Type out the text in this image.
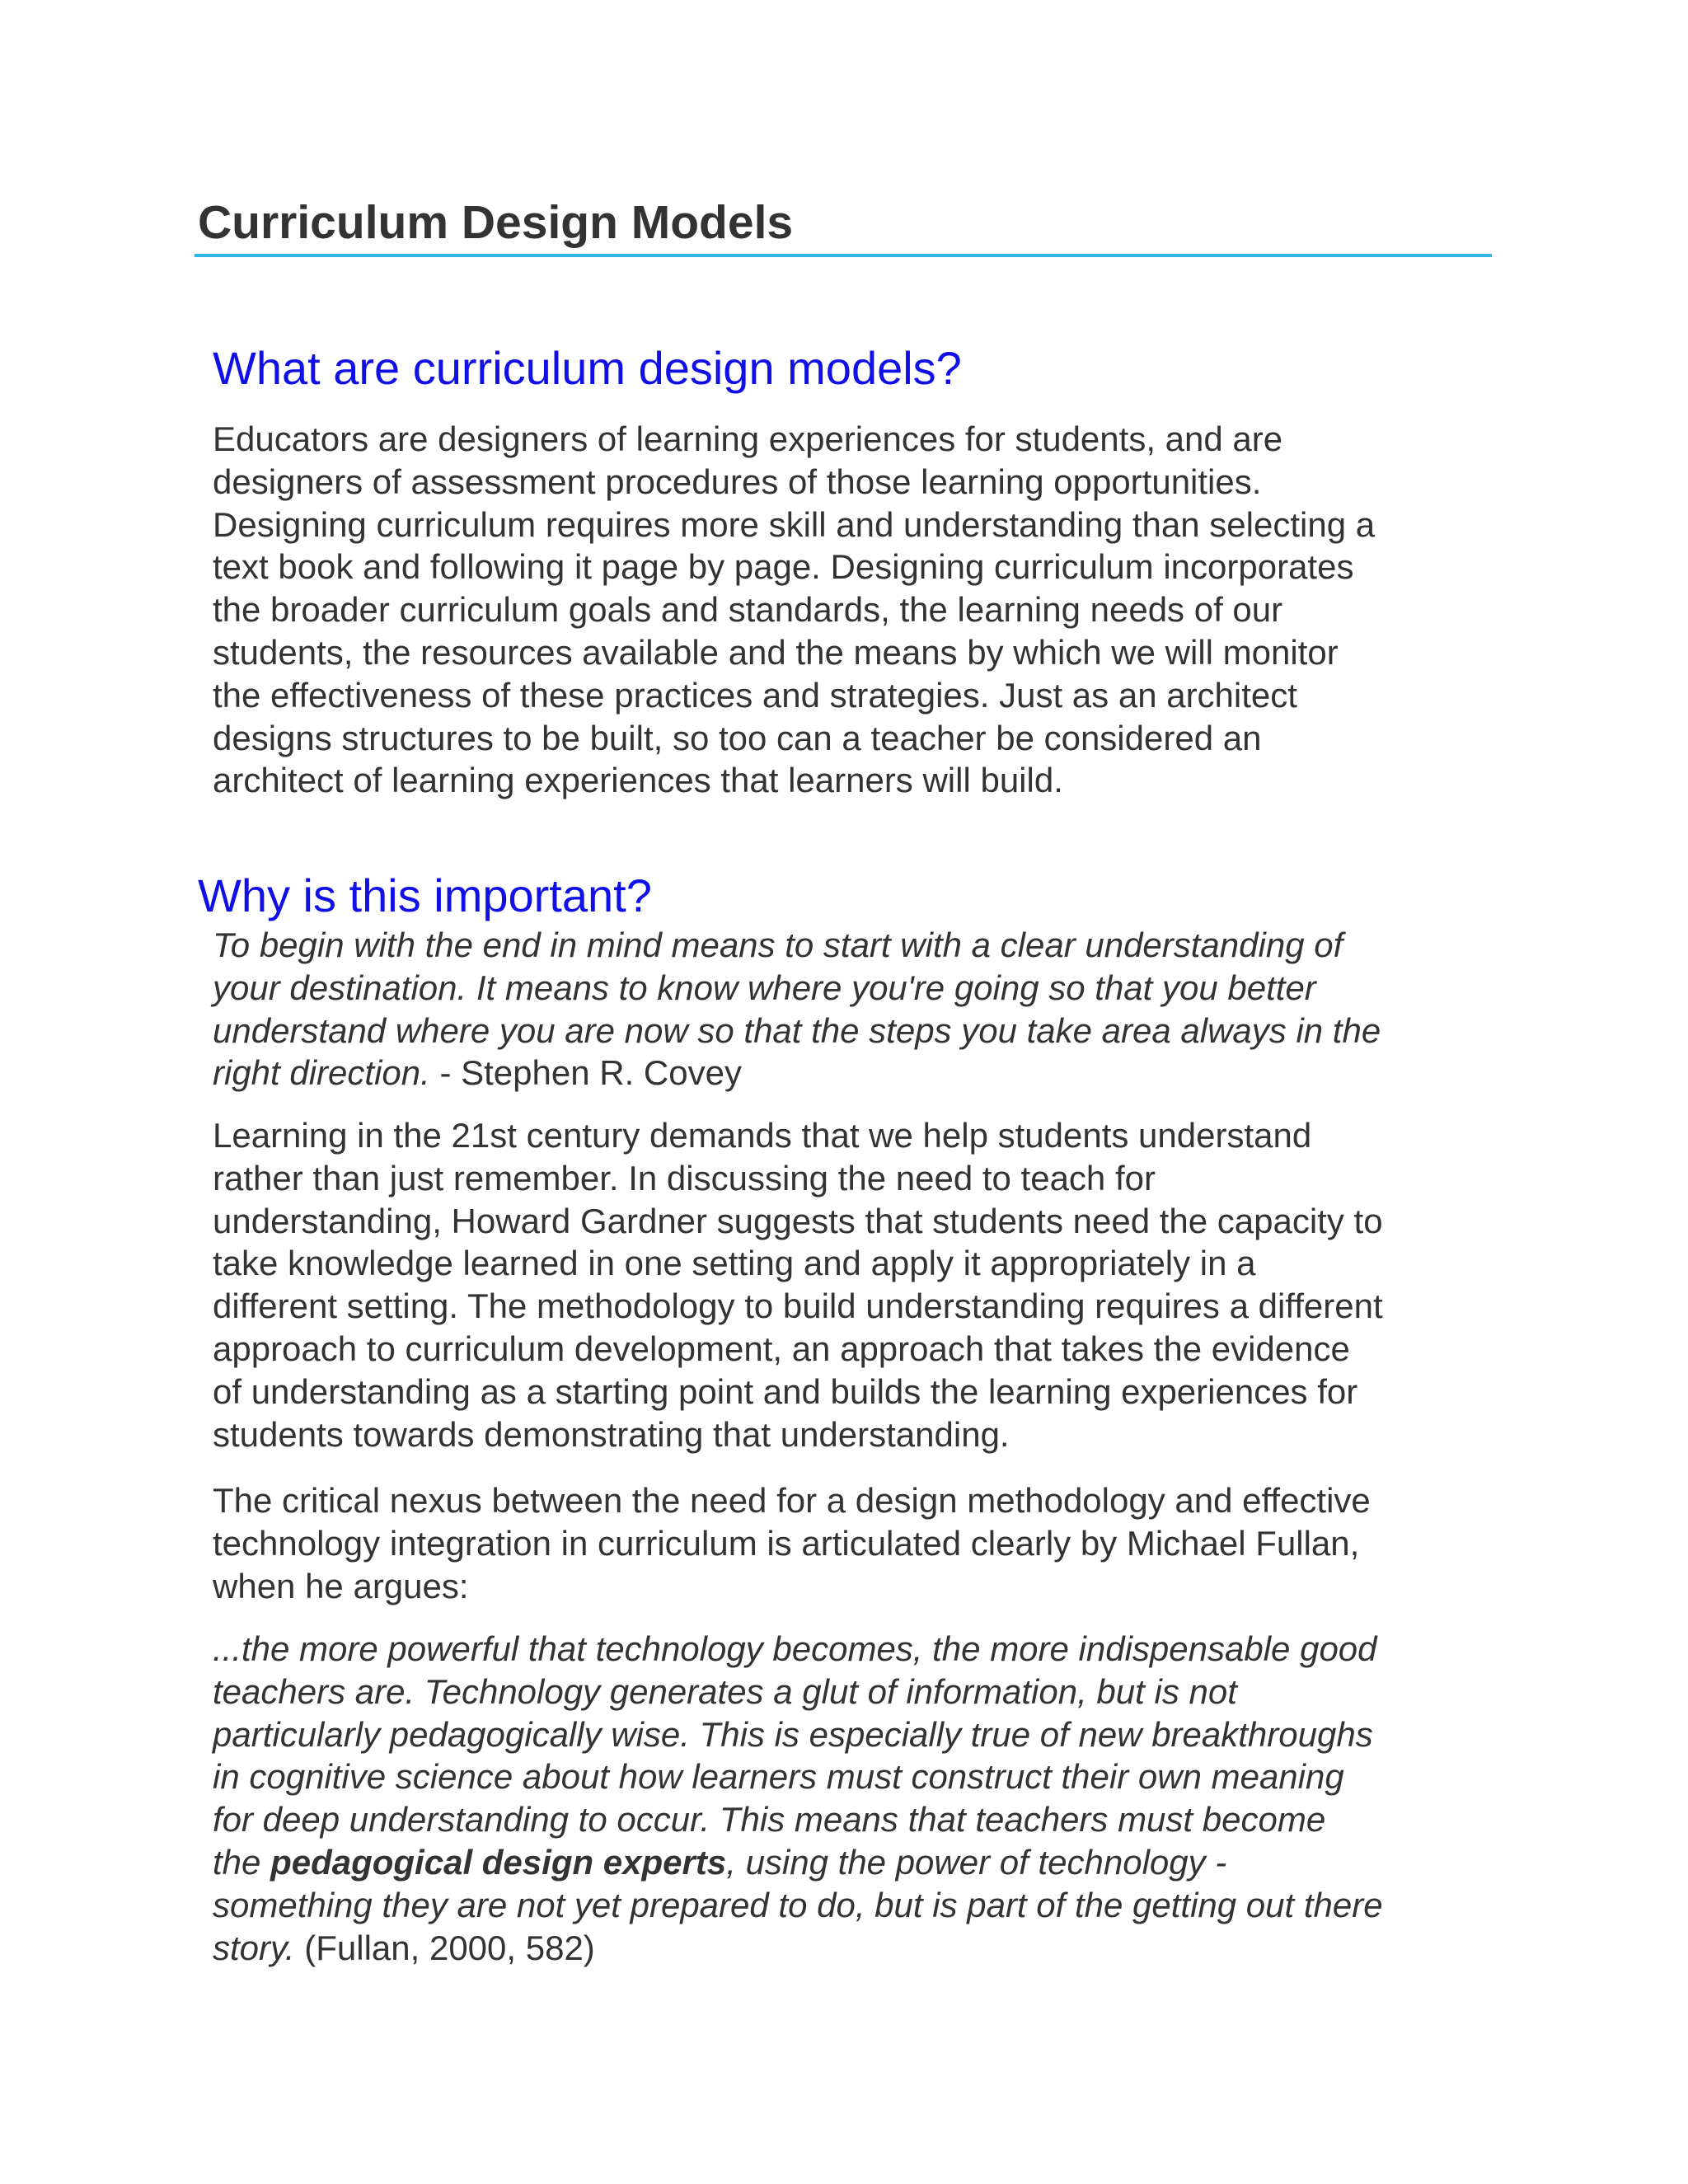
Curriculum Design Models
What are curriculum design models?

Educators are designers of learning experiences for students, and are
designers of assessment procedures of those learning opportunities.
Designing curriculum requires more skill and understanding than selecting a
text book and following it page by page. Designing curriculum incorporates
the broader curriculum goals and standards, the learning needs of our
students, the resources available and the means by which we will monitor
the effectiveness of these practices and strategies. Just as an architect
designs structures to be built, so too can a teacher be considered an
architect of learning experiences that learners will build.

Why is this important?

To begin with the end in mind means to start with a clear understanding of
your destination. It means to know where you're going so that you better
understand where you are now so that the steps you take area always in the
right direction. - Stephen R. Covey

Learning in the 21st century demands that we help students understand
rather than just remember. In discussing the need to teach for
understanding, Howard Gardner suggests that students need the capacity to
take knowledge learned in one setting and apply it appropriately in a
different setting. The methodology to build understanding requires a different
approach to curriculum development, an approach that takes the evidence
of understanding as a starting point and builds the learning experiences for
students towards demonstrating that understanding.

The critical nexus between the need for a design methodology and effective
technology integration in curriculum is articulated clearly by Michael Fullan,
when he argues:

...the more powerful that technology becomes, the more indispensable good
teachers are. Technology generates a glut of information, but is not
particularly pedagogically wise. This is especially true of new breakthroughs
in cognitive science about how learners must construct their own meaning
for deep understanding to occur. This means that teachers must become
the pedagogical design experts, using the power of technology -
something they are not yet prepared to do, but is part of the getting out there
story. (Fullan, 2000, 582)
